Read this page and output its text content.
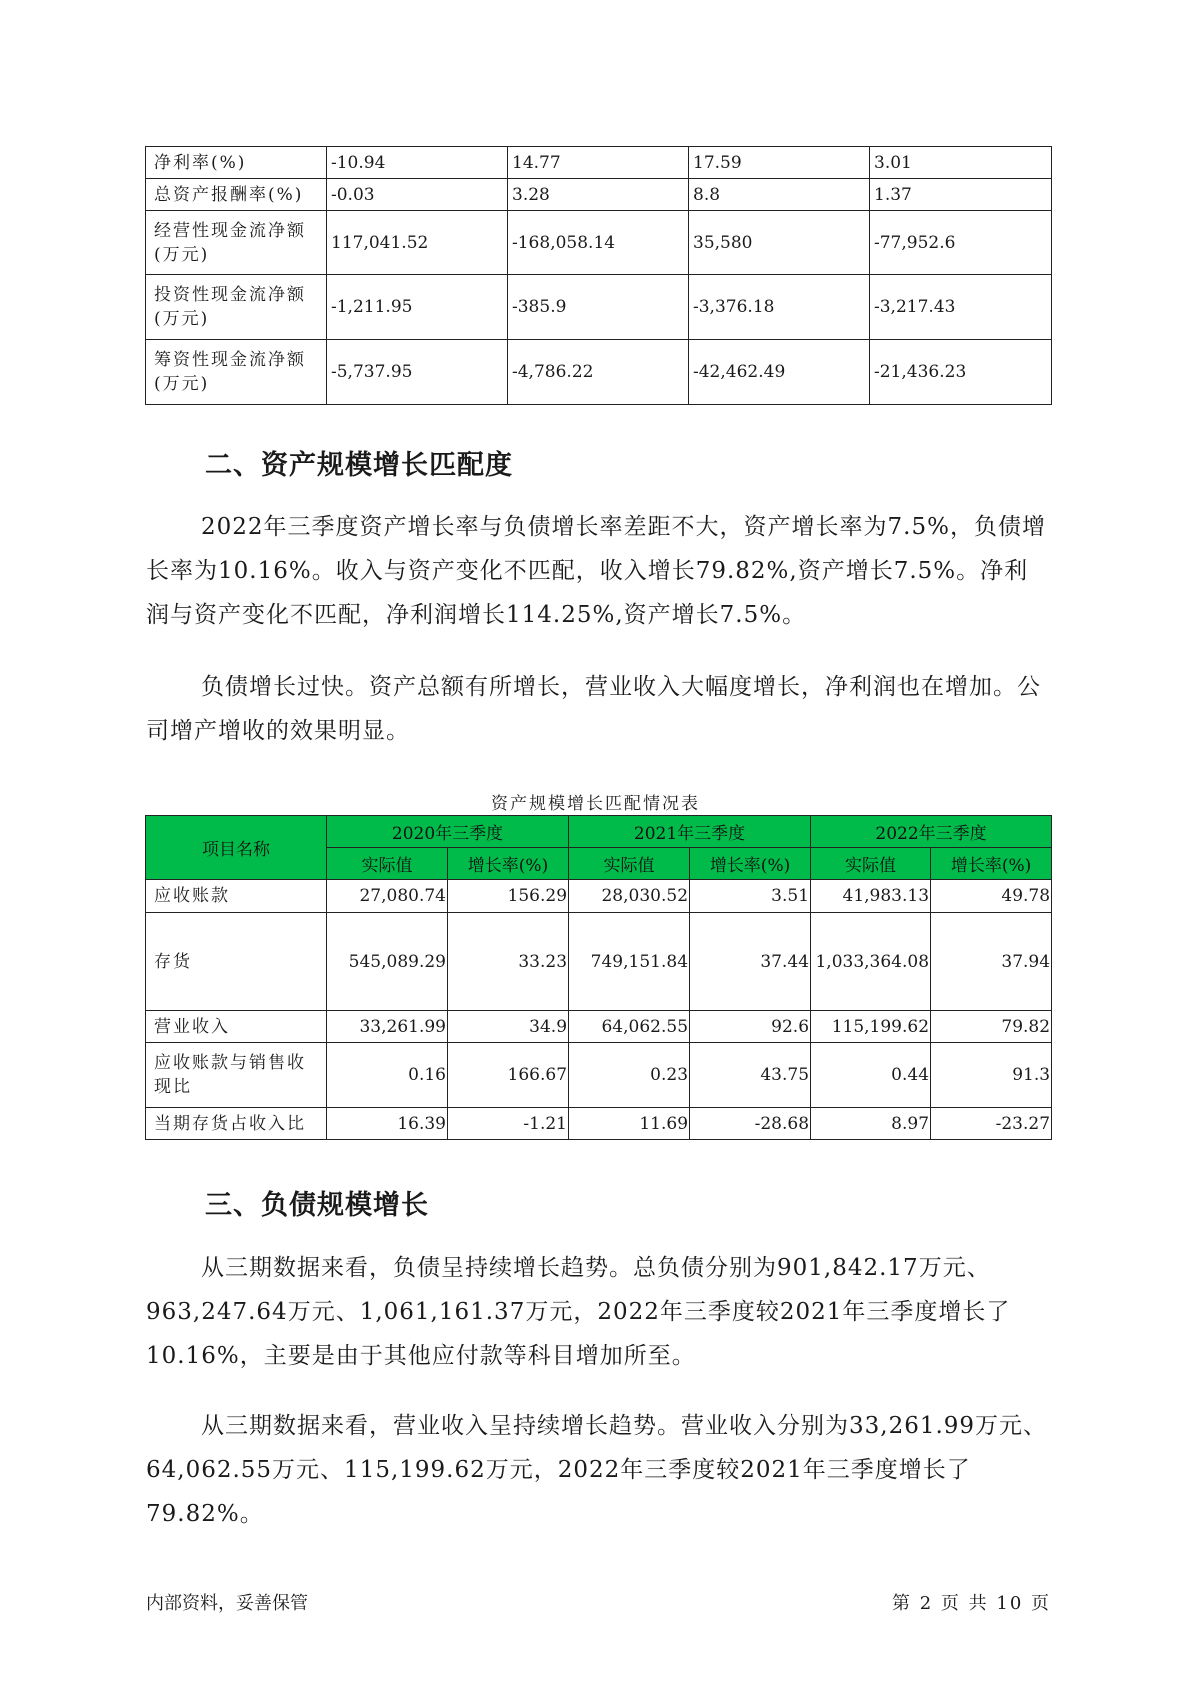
净利率(%)	-10.94	14.77	17.59	3.01
总资产报酬率(%)	-0.03	3.28	8.8	1.37
经营性现金流净额(万元)	117,041.52	-168,058.14	35,580	-77,952.6
投资性现金流净额(万元)	-1,211.95	-385.9	-3,376.18	-3,217.43
筹资性现金流净额(万元)	-5,737.95	-4,786.22	-42,462.49	-21,436.23
二、资产规模增长匹配度

2022年三季度资产增长率与负债增长率差距不大，资产增长率为7.5%，负债增长率为10.16%。收入与资产变化不匹配，收入增长79.82%,资产增长7.5%。净利润与资产变化不匹配，净利润增长114.25%,资产增长7.5%。

负债增长过快。资产总额有所增长，营业收入大幅度增长，净利润也在增加。公司增产增收的效果明显。

资产规模增长匹配情况表

项目名称	2020年三季度		2021年三季度		2022年三季度	
	实际值	增长率(%)	实际值	增长率(%)	实际值	增长率(%)
应收账款	27,080.74	156.29	28,030.52	3.51	41,983.13	49.78
存货	545,089.29	33.23	749,151.84	37.44	1,033,364.08	37.94
营业收入	33,261.99	34.9	64,062.55	92.6	115,199.62	79.82
应收账款与销售收现比	0.16	166.67	0.23	43.75	0.44	91.3
当期存货占收入比	16.39	-1.21	11.69	-28.68	8.97	-23.27
三、负债规模增长

从三期数据来看，负债呈持续增长趋势。总负债分别为901,842.17万元、963,247.64万元、1,061,161.37万元，2022年三季度较2021年三季度增长了10.16%，主要是由于其他应付款等科目增加所至。

从三期数据来看，营业收入呈持续增长趋势。营业收入分别为33,261.99万元、64,062.55万元、115,199.62万元，2022年三季度较2021年三季度增长了79.82%。

内部资料，妥善保管	第 2 页 共 10 页
